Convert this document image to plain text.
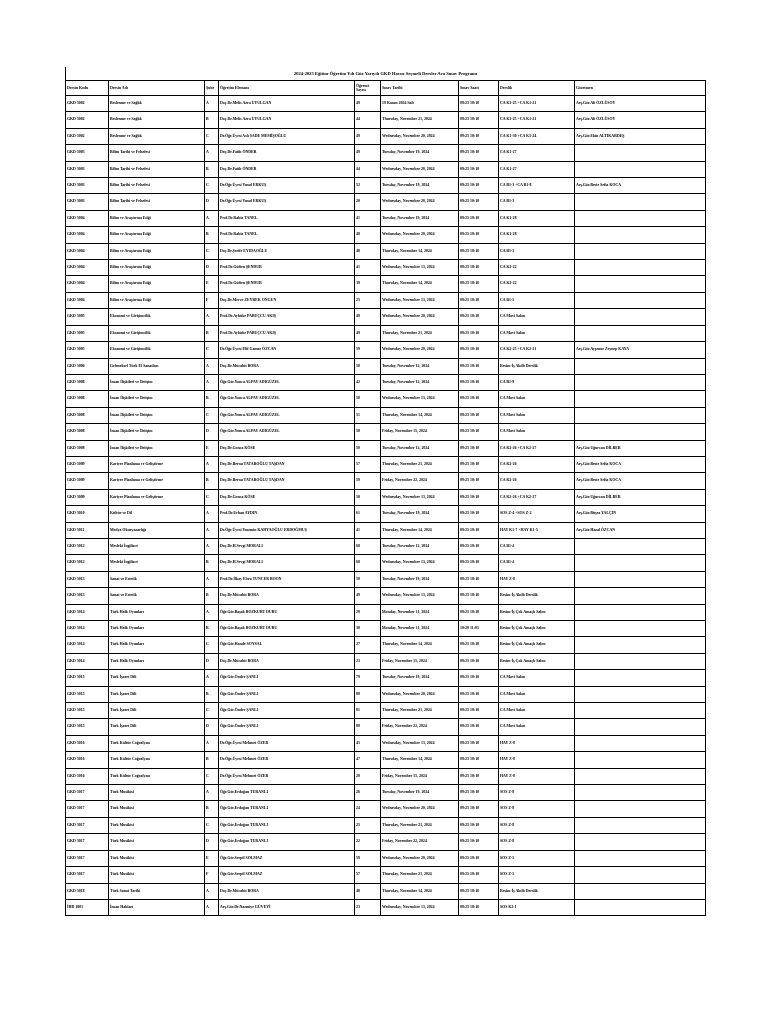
2024-2025 Eğitim-Öğretim Yılı Güz Yarıyılı GKD Havuz Seçmeli Dersler Ara Sınav Programı
Dersin Kodu	Dersin Adı	Şube	Öğretim Elemanı	Öğrenci Sayısı	Sınav Tarihi	Sınav Saati	Derslik	Gözetmen
GKD 5002	Beslenme ve Sağlık	A	Doç.Dr.Melis Azra UYULGAN	49	19 Kasım 2024 Salı	09:25 10:10	CA K1-25 +CA K1-21	Arş.Gör.Ali ÖZLÜSOY
GKD 5002	Beslenme ve Sağlık	B	Doç.Dr.Melis Azra UYULGAN	44	Thursday, November 21, 2024	09:25 10:10	CA K1-25 +CA K1-21	Arş.Gör.Ali ÖZLÜSOY
GKD 5002	Beslenme ve Sağlık	C	Dr.Öğr.Üyesi Aslı SADE MEMİŞOĞLU	49	Wednesday, November 20, 2024	09:25 10:10	CA K1-30 +CA K1-24	Arş.Gör.Ekin ALTIKARDEŞ
GKD 5003	Bilim Tarihi ve Felsefesi	A	Doç.Dr.Fatih ÖNDER	49	Tuesday, November 19, 2024	09:25 10:10	CA K1-27	
GKD 5003	Bilim Tarihi ve Felsefesi	B	Doç.Dr.Fatih ÖNDER	44	Wednesday, November 20, 2024	09:25 10:10	CA K1-27	
GKD 5003	Bilim Tarihi ve Felsefesi	C	Dr.Öğr.Üyesi Yusuf ERKUŞ	52	Tuesday, November 19, 2024	09:25 10:10	CA B1-3 +CA B1-8	Arş.Gör.Beste Sefia KOCA
GKD 5003	Bilim Tarihi ve Felsefesi	D	Dr.Öğr.Üyesi Yusuf ERKUŞ	20	Wednesday, November 20, 2024	09:25 10:10	CA B1-3	
GKD 5004	Bilim ve Araştırma Etiği	A	Prof.Dr.Rabia TANEL	41	Tuesday, November 19, 2024	09:25 10:10	CA K1-28	
GKD 5004	Bilim ve Araştırma Etiği	B	Prof.Dr.Rabia TANEL	40	Wednesday, November 20, 2024	09:25 10:10	CA K1-28	
GKD 5004	Bilim ve Araştırma Etiği	C	Doç.Dr.Şerife EYIDAOĞLU	40	Thursday, November 14, 2024	09:25 10:10	CA B1-3	
GKD 5004	Bilim ve Araştırma Etiği	D	Prof.Dr.Gülten ŞENDUR	41	Wednesday, November 13, 2024	09:25 10:10	CA K2-22	
GKD 5004	Bilim ve Araştırma Etiği	E	Prof.Dr.Gülten ŞENDUR	39	Thursday, November 14, 2024	09:25 10:10	CA K2-22	
GKD 5004	Bilim ve Araştırma Etiği	F	Doç.Dr.Merve ZEYREK ONGUN	25	Wednesday, November 13, 2024	09:25 10:10	CA B1-5	
GKD 5005	Ekonomi ve Girişimcilik	A	Prof.Dr.Aybüke PABUÇCU AKIŞ	49	Wednesday, November 20, 2024	09:25 10:10	CA Mavi Salon	
GKD 5005	Ekonomi ve Girişimcilik	B	Prof.Dr.Aybüke PABUÇCU AKIŞ	49	Thursday, November 21, 2024	09:25 10:10	CA Mavi Salon	
GKD 5005	Ekonomi ve Girişimcilik	C	Dr.Öğr.Üyesi Elif Gamze ÖZCAN	59	Wednesday, November 20, 2024	09:25 10:10	CA K2-25 +CA K2-21	Arş.Gör.Ayşenur Zeynep KAYA
GKD 5006	Geleneksel Türk El Sanatları	A	Doç.Dr.Mücahit BORA	50	Tuesday, November 12, 2024	09:25 10:10	Resim-İş Akıllı Derslik	
GKD 5008	İnsan İlişkileri ve İletişim	A	Öğr.Gör.Yonca ALPAY ADIGÜZEL	42	Tuesday, November 12, 2024	09:25 10:10	CA B1-9	
GKD 5008	İnsan İlişkileri ve İletişim	B	Öğr.Gör.Yonca ALPAY ADIGÜZEL	50	Wednesday, November 13, 2024	09:25 10:10	CA Mavi Salon	
GKD 5008	İnsan İlişkileri ve İletişim	C	Öğr.Gör.Yonca ALPAY ADIGÜZEL	51	Thursday, November 14, 2024	09:25 10:10	CA Mavi Salon	
GKD 5008	İnsan İlişkileri ve İletişim	D	Öğr.Gör.Yonca ALPAY ADIGÜZEL	50	Friday, November 15, 2024	09:25 10:10	CA Mavi Salon	
GKD 5008	İnsan İlişkileri ve İletişim	E	Doç.Dr.Gonca KÖSE	50	Tuesday, November 12, 2024	09:25 10:10	CA K2-26 +CA K2-27	Arş.Gör.Uğurcan DİLBER
GKD 5009	Kariyer Planlama ve Geliştirme	A	Doç.Dr.Berna TATAROĞLU TAŞDAN	57	Thursday, November 21, 2024	09:25 10:10	CA K2-26	Arş.Gör.Beste Sefia KOCA
GKD 5009	Kariyer Planlama ve Geliştirme	B	Doç.Dr.Berna TATAROĞLU TAŞDAN	59	Friday, November 22, 2024	09:25 10:10	CA K2-26	Arş.Gör.Beste Sefia KOCA
GKD 5009	Kariyer Planlama ve Geliştirme	C	Doç.Dr.Gonca KÖSE	50	Wednesday, November 13, 2024	09:25 10:10	CA K2-26 +CA K2-27	Arş.Gör.Uğurcan DİLBER
GKD 5010	Kültür ve Dil	A	Prof.Dr.Erhan AYDIN	61	Tuesday, November 19, 2024	09:25 10:10	SOS Z-4 +SOS Z-2	Arş.Gör.Büşra YALÇIN
GKD 5011	Medya Okuryazarlığı	A	Dr.Öğr.Üyesi Yasemin KAHYAOĞLU ERDOĞMUŞ	41	Thursday, November 14, 2024	09:25 10:10	HAY K1-7 +HAY K1-5	Arş.Gör.Hazal ÖZCAN
GKD 5012	Mesleki İngilizce	A	Doç.Dr.H.Sevgi MORALI	60	Tuesday, November 12, 2024	09:25 10:10	CA B1-4	
GKD 5012	Mesleki İngilizce	B	Doç.Dr.H.Sevgi MORALI	60	Wednesday, November 13, 2024	09:25 10:10	CA B1-4	
GKD 5013	Sanat ve Estetik	A	Prof.Dr.İlkay Ebru TUNCER BOON	50	Tuesday, November 19, 2024	09:25 10:10	HAY Z-8	
GKD 5013	Sanat ve Estetik	B	Doç.Dr.Mücahit BORA	49	Wednesday, November 13, 2024	09:25 10:10	Resim-İş Akıllı Derslik	
GKD 5014	Türk Halk Oyunları	A	Öğr.Gör.Başak BOZKURT DURU	29	Monday, November 11, 2024	09:25 10:10	Resim-İş Çok Amaçlı Salon	
GKD 5014	Türk Halk Oyunları	B	Öğr.Gör.Başak BOZKURT DURU	30	Monday, November 11, 2024	10:20 11:05	Resim-İş Çok Amaçlı Salon	
GKD 5014	Türk Halk Oyunları	C	Öğr.Gör.Hande SOYSAL	27	Thursday, November 14, 2024	09:25 10:10	Resim-İş Çok Amaçlı Salon	
GKD 5014	Türk Halk Oyunları	D	Doç.Dr.Mücahit BORA	23	Friday, November 15, 2024	09:25 10:10	Resim-İş Çok Amaçlı Salon	
GKD 5015	Türk İşaret Dili	A	Öğr.Gör.Önder ŞANLI	79	Tuesday, November 19, 2024	09:25 10:10	CA Mavi Salon	
GKD 5015	Türk İşaret Dili	B	Öğr.Gör.Önder ŞANLI	80	Wednesday, November 20, 2024	09:25 10:10	CA Mavi Salon	
GKD 5015	Türk İşaret Dili	C	Öğr.Gör.Önder ŞANLI	81	Thursday, November 21, 2024	09:25 10:10	CA Mavi Salon	
GKD 5015	Türk İşaret Dili	D	Öğr.Gör.Önder ŞANLI	80	Friday, November 22, 2024	09:25 10:10	CA Mavi Salon	
GKD 5016	Türk Kültür Coğrafyası	A	Dr.Öğr.Üyesi Mehmet ÖZER	45	Wednesday, November 13, 2024	09:25 10:10	HAY Z-8	
GKD 5016	Türk Kültür Coğrafyası	B	Dr.Öğr.Üyesi Mehmet ÖZER	47	Thursday, November 14, 2024	09:25 10:10	HAY Z-8	
GKD 5016	Türk Kültür Coğrafyası	C	Dr.Öğr.Üyesi Mehmet ÖZER	20	Friday, November 15, 2024	09:25 10:10	HAY Z-8	
GKD 5017	Türk Musikisi	A	Öğr.Gör.Erdoğan TURANLI	26	Tuesday, November 19, 2024	09:25 10:10	SOS Z-8	
GKD 5017	Türk Musikisi	B	Öğr.Gör.Erdoğan TURANLI	24	Wednesday, November 20, 2024	09:25 10:10	SOS Z-8	
GKD 5017	Türk Musikisi	C	Öğr.Gör.Erdoğan TURANLI	25	Thursday, November 21, 2024	09:25 10:10	SOS Z-8	
GKD 5017	Türk Musikisi	D	Öğr.Gör.Erdoğan TURANLI	22	Friday, November 22, 2024	09:25 10:10	SOS Z-8	
GKD 5017	Türk Musikisi	E	Öğr.Gör.Serpil SOLMAZ	59	Wednesday, November 20, 2024	09:25 10:10	SOS Z-5	
GKD 5017	Türk Musikisi	F	Öğr.Gör.Serpil SOLMAZ	57	Thursday, November 21, 2024	09:25 10:10	SOS Z-5	
GKD 5018	Türk Sanat Tarihi	A	Doç.Dr.Mücahit BORA	40	Thursday, November 14, 2024	09:25 10:10	Resim-İş Akıllı Derslik	
İHD 1001	İnsan Hakları	A	Arş.Gör.Dr.Nazmiye GÜVEYİ	23	Wednesday, November 13, 2024	09:25 10:10	SOS K2-1	
